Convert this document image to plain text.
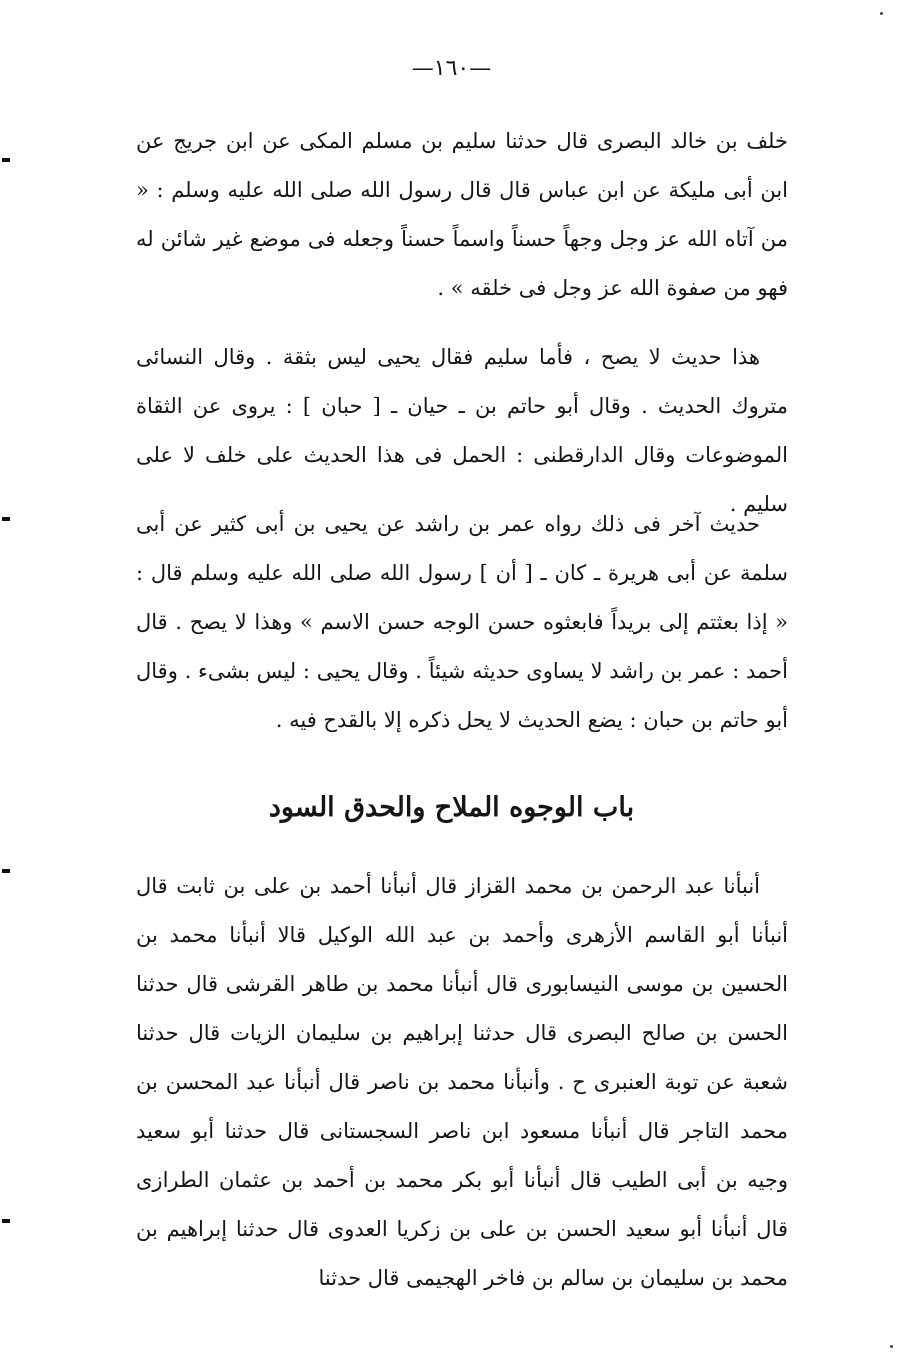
—١٦٠—

خلف بن خالد البصرى قال حدثنا سليم بن مسلم المكى عن ابن جريج عن ابن أبى مليكة عن ابن عباس قال قال رسول الله صلى الله عليه وسلم : « من آتاه الله عز وجل وجهاً حسناً واسماً حسناً وجعله فى موضع غير شائن له فهو من صفوة الله عز وجل فى خلقه » .

هذا حديث لا يصح ، فأما سليم فقال يحيى ليس بثقة . وقال النسائى متروك الحديث . وقال أبو حاتم بن ـ حيان ـ [ حبان ] : يروى عن الثقاة الموضوعات وقال الدارقطنى : الحمل فى هذا الحديث على خلف لا على سليم .

حديث آخر فى ذلك رواه عمر بن راشد عن يحيى بن أبى كثير عن أبى سلمة عن أبى هريرة ـ كان ـ [ أن ] رسول الله صلى الله عليه وسلم قال : « إذا بعثتم إلى بريداً فابعثوه حسن الوجه حسن الاسم » وهذا لا يصح . قال أحمد : عمر بن راشد لا يساوى حديثه شيئاً . وقال يحيى : ليس بشىء . وقال أبو حاتم بن حبان : يضع الحديث لا يحل ذكره إلا بالقدح فيه .

باب الوجوه الملاح والحدق السود

أنبأنا عبد الرحمن بن محمد القزاز قال أنبأنا أحمد بن على بن ثابت قال أنبأنا أبو القاسم الأزهرى وأحمد بن عبد الله الوكيل قالا أنبأنا محمد بن الحسين بن موسى النيسابورى قال أنبأنا محمد بن طاهر القرشى قال حدثنا الحسن بن صالح البصرى قال حدثنا إبراهيم بن سليمان الزيات قال حدثنا شعبة عن توبة العنبرى ح . وأنبأنا محمد بن ناصر قال أنبأنا عبد المحسن بن محمد التاجر قال أنبأنا مسعود ابن ناصر السجستانى قال حدثنا أبو سعيد وجيه بن أبى الطيب قال أنبأنا أبو بكر محمد بن أحمد بن عثمان الطرازى قال أنبأنا أبو سعيد الحسن بن على بن زكريا العدوى قال حدثنا إبراهيم بن محمد بن سليمان بن سالم بن فاخر الهجيمى قال حدثنا
